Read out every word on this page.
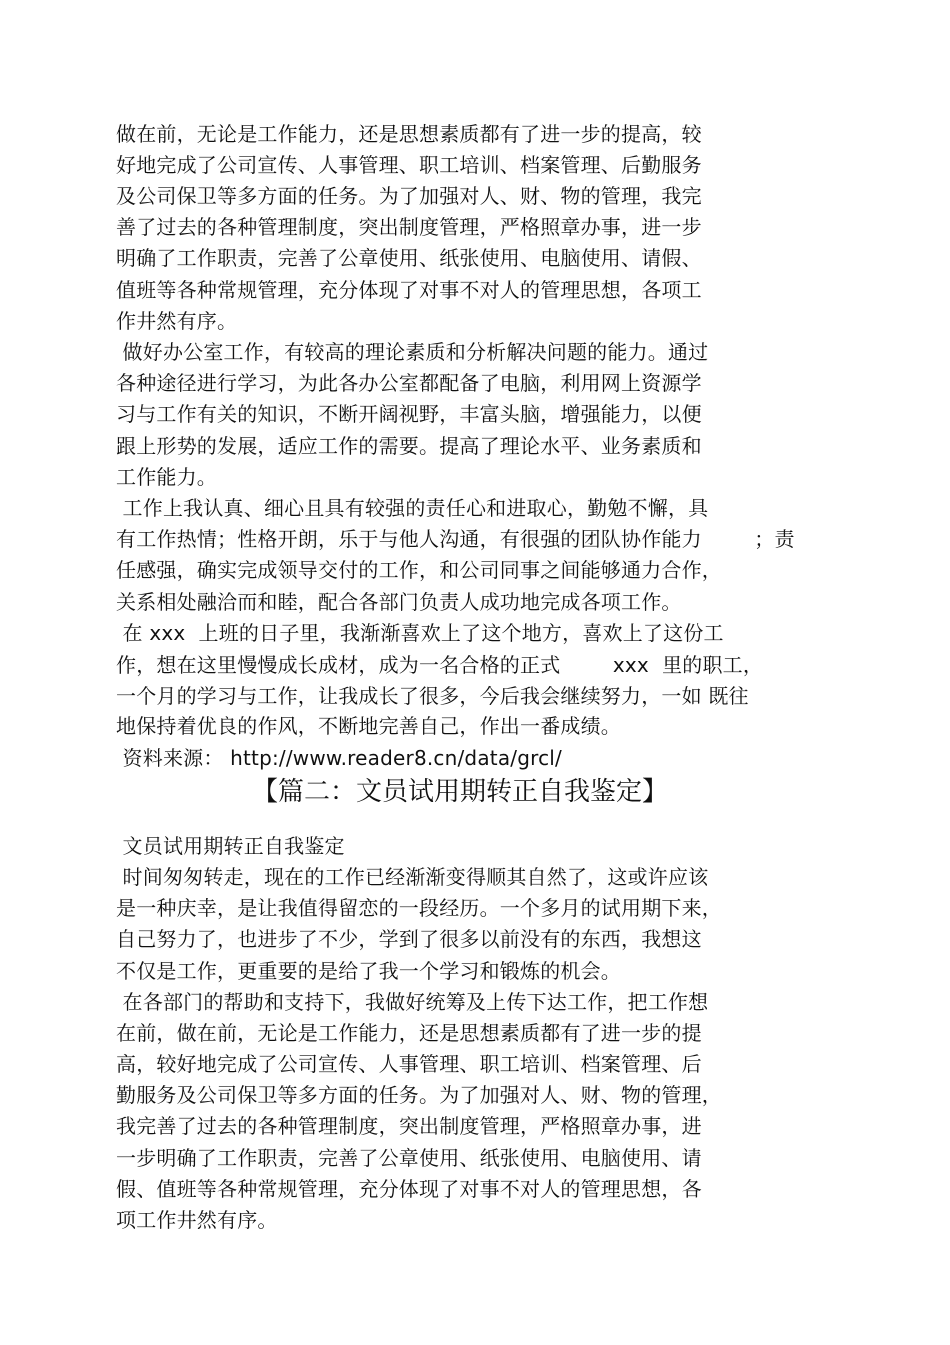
做在前，无论是工作能力，还是思想素质都有了进一步的提高，较
好地完成了公司宣传、人事管理、职工培训、档案管理、后勤服务
及公司保卫等多方面的任务。为了加强对人、财、物的管理，我完
善了过去的各种管理制度，突出制度管理，严格照章办事，进一步
明确了工作职责，完善了公章使用、纸张使用、电脑使用、请假、
值班等各种常规管理，充分体现了对事不对人的管理思想，各项工
作井然有序。
做好办公室工作，有较高的理论素质和分析解决问题的能力。通过
各种途径进行学习，为此各办公室都配备了电脑，利用网上资源学
习与工作有关的知识，不断开阔视野，丰富头脑，增强能力，以便
跟上形势的发展，适应工作的需要。提高了理论水平、业务素质和
工作能力。
工作上我认真、细心且具有较强的责任心和进取心，勤勉不懈，具
有工作热情；性格开朗，乐于与他人沟通，有很强的团队协作能力        ；责
任感强，确实完成领导交付的工作，和公司同事之间能够通力合作，
关系相处融洽而和睦，配合各部门负责人成功地完成各项工作。
在 xxx  上班的日子里，我渐渐喜欢上了这个地方，喜欢上了这份工
作，想在这里慢慢成长成材，成为一名合格的正式        xxx  里的职工，
一个月的学习与工作，让我成长了很多，今后我会继续努力，一如 既往
地保持着优良的作风，不断地完善自己，作出一番成绩。
资料来源： http://www.reader8.cn/data/grcl/
【篇二：文员试用期转正自我鉴定】
文员试用期转正自我鉴定
时间匆匆转走，现在的工作已经渐渐变得顺其自然了，这或许应该
是一种庆幸，是让我值得留恋的一段经历。一个多月的试用期下来，
自己努力了，也进步了不少，学到了很多以前没有的东西，我想这
不仅是工作，更重要的是给了我一个学习和锻炼的机会。
在各部门的帮助和支持下，我做好统筹及上传下达工作，把工作想
在前，做在前，无论是工作能力，还是思想素质都有了进一步的提
高，较好地完成了公司宣传、人事管理、职工培训、档案管理、后
勤服务及公司保卫等多方面的任务。为了加强对人、财、物的管理，
我完善了过去的各种管理制度，突出制度管理，严格照章办事，进
一步明确了工作职责，完善了公章使用、纸张使用、电脑使用、请
假、值班等各种常规管理，充分体现了对事不对人的管理思想，各
项工作井然有序。
